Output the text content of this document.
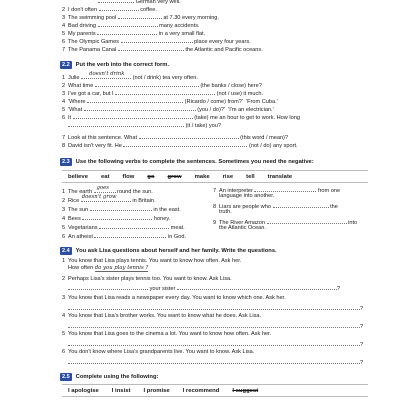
German very well.
2 I don't often	coffee.
3 The swimming pool	at 7.30 every morning.
4 Bad driving	many accidents.
5 My parents	in a very small flat.
6 The Olympic Games	place every four years.
7 The Panama Canal	the Atlantic and Pacific oceans.
2.2	Put the verb into the correct form.
1 Julie
doesn't drink
(not / drink) tea very often.
2 What time	(the banks / close) here?
3 I've got a car, but I	(not / use) it much.
4 'Where	(Ricardo / come) from?' 'From Cuba.'
5 'What	(you / do)?' 'I'm an electrician.'
6 It	(take) me an hour to get to work. How long
(it / take) you?
7 Look at this sentence. What	(this word / mean)?
8 David isn't very fit. He	(not / do) any sport.
2.3	Use the following verbs to complete the sentences. Sometimes you need the negative:
believe eat flow go grow make rise tell translate
1 The earth
goes
round the sun.
2 Rice
doesn't grow
in Britain.
3 The sun	in the east.
4 Bees	honey.
5 Vegetarians	meat.
6 An atheist	in God.
7 An interpreter	from one
language into another.
8 Liars are people who	the
truth.
9 The River Amazon	into
the Atlantic Ocean.
2.4	You ask Lisa questions about herself and her family. Write the questions.
1 You know that Lisa plays tennis. You want to know how often. Ask her.
How often do you play tennis ?
2 Perhaps Lisa's sister plays tennis too. You want to know. Ask Lisa.
your sister	?
3 You know that Lisa reads a newspaper every day. You want to know which one. Ask her.
?
4 You know that Lisa's brother works. You want to know what he does. Ask Lisa.
?
5 You know that Lisa goes to the cinema a lot. You want to know how often. Ask her.
?
6 You don't know where Lisa's grandparents live. You want to know. Ask Lisa.
?
2.5	Complete using the following:
I apologise I insist I promise I recommend I suggest
